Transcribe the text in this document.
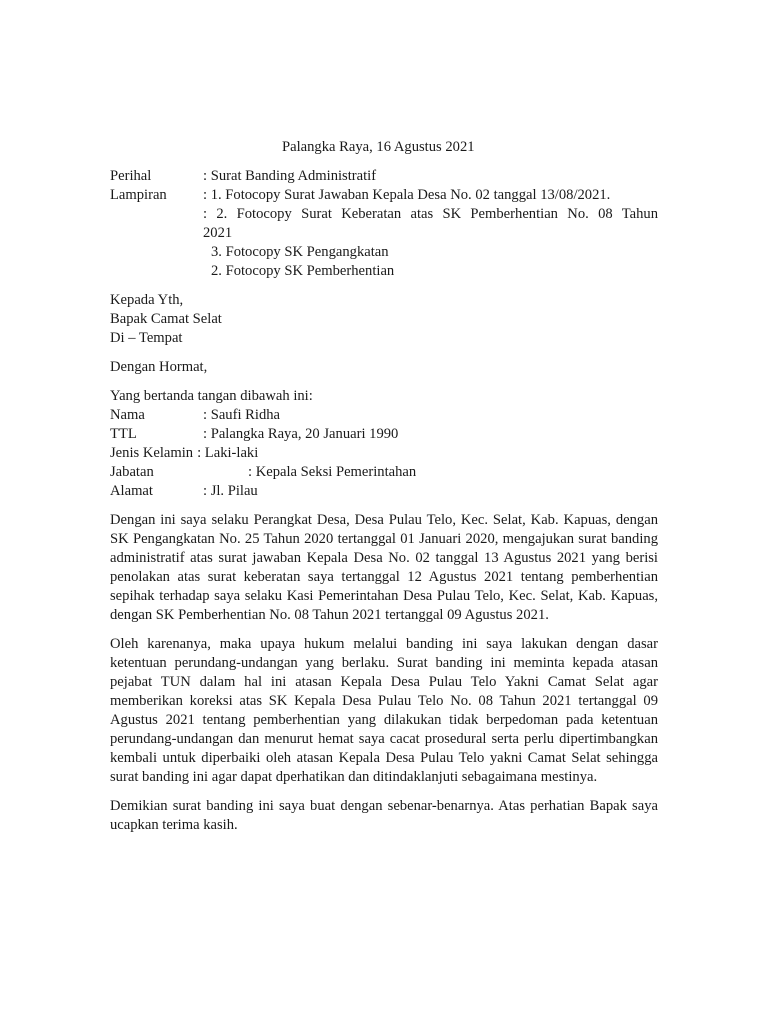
Palangka Raya, 16 Agustus 2021
Perihal	: Surat Banding Administratif
Lampiran	: 1. Fotocopy Surat Jawaban Kepala Desa No. 02 tanggal 13/08/2021.
: 2. Fotocopy Surat Keberatan atas SK Pemberhentian No. 08 Tahun
2021
3. Fotocopy SK Pengangkatan
2. Fotocopy SK Pemberhentian
Kepada Yth,
Bapak Camat Selat
Di – Tempat
Dengan Hormat,
Yang bertanda tangan dibawah ini:
Nama	: Saufi Ridha
TTL	: Palangka Raya, 20 Januari 1990
Jenis Kelamin : Laki-laki
Jabatan	: Kepala Seksi Pemerintahan
Alamat	: Jl. Pilau

Dengan ini saya selaku Perangkat Desa, Desa Pulau Telo, Kec. Selat, Kab. Kapuas, dengan SK Pengangkatan No. 25 Tahun 2020 tertanggal 01 Januari 2020, mengajukan surat banding administratif atas surat jawaban Kepala Desa No. 02 tanggal 13 Agustus 2021 yang berisi penolakan atas surat keberatan saya tertanggal 12 Agustus 2021 tentang pemberhentian sepihak terhadap saya selaku Kasi Pemerintahan Desa Pulau Telo, Kec. Selat, Kab. Kapuas, dengan SK Pemberhentian No. 08 Tahun 2021 tertanggal 09 Agustus 2021.

Oleh karenanya, maka upaya hukum melalui banding ini saya lakukan dengan dasar ketentuan perundang-undangan yang berlaku. Surat banding ini meminta kepada atasan pejabat TUN dalam hal ini atasan Kepala Desa Pulau Telo Yakni Camat Selat agar memberikan koreksi atas SK Kepala Desa Pulau Telo No. 08 Tahun 2021 tertanggal 09 Agustus 2021 tentang pemberhentian yang dilakukan tidak berpedoman pada ketentuan perundang-undangan dan menurut hemat saya cacat prosedural serta perlu dipertimbangkan kembali untuk diperbaiki oleh atasan Kepala Desa Pulau Telo yakni Camat Selat sehingga surat banding ini agar dapat dperhatikan dan ditindaklanjuti sebagaimana mestinya.

Demikian surat banding ini saya buat dengan sebenar-benarnya. Atas perhatian Bapak saya ucapkan terima kasih.
